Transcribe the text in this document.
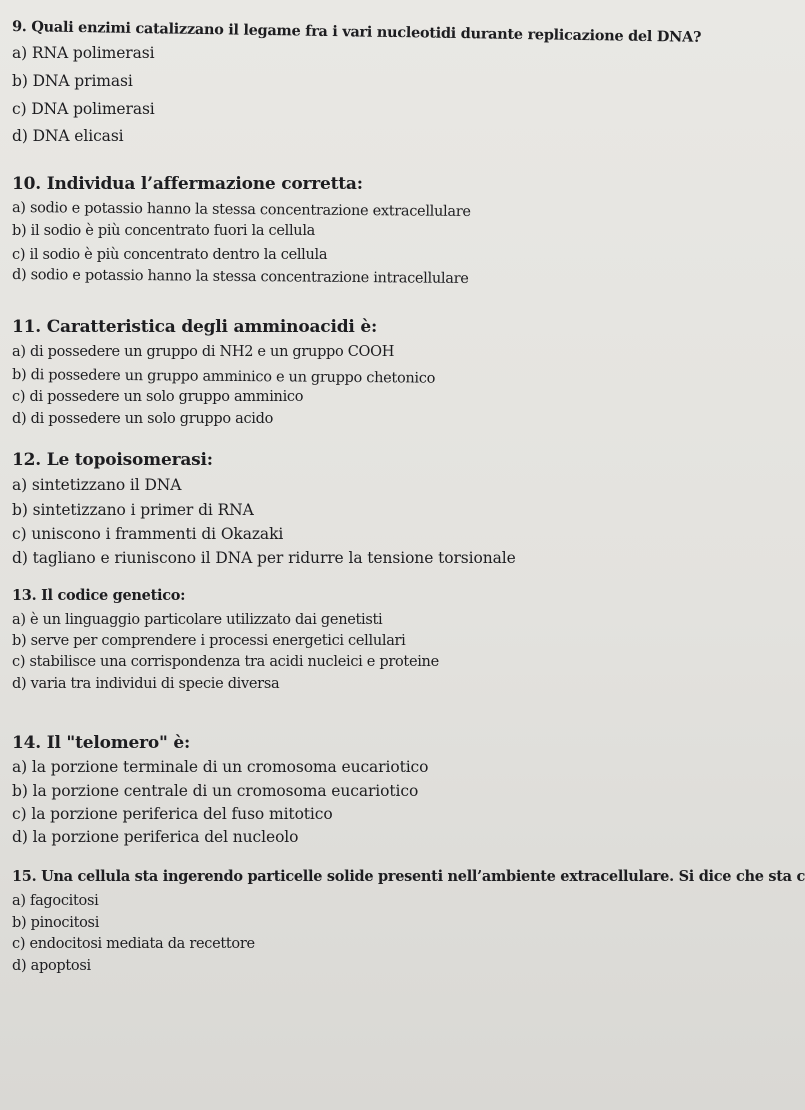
9. Quali enzimi catalizzano il legame fra i vari nucleotidi durante replicazione del DNA?
a) RNA polimerasi
b) DNA primasi
c) DNA polimerasi
d) DNA elicasi
10. Individua l’affermazione corretta:
a) sodio e potassio hanno la stessa concentrazione extracellulare
b) il sodio è più concentrato fuori la cellula
c) il sodio è più concentrato dentro la cellula
d) sodio e potassio hanno la stessa concentrazione intracellulare
11. Caratteristica degli amminoacidi è:
a) di possedere un gruppo di NH2 e un gruppo COOH
b) di possedere un gruppo amminico e un gruppo chetonico
c) di possedere un solo gruppo amminico
d) di possedere un solo gruppo acido
12. Le topoisomerasi:
a) sintetizzano il DNA
b) sintetizzano i primer di RNA
c) uniscono i frammenti di Okazaki
d) tagliano e riuniscono il DNA per ridurre la tensione torsionale
13. Il codice genetico:
a) è un linguaggio particolare utilizzato dai genetisti
b) serve per comprendere i processi energetici cellulari
c) stabilisce una corrispondenza tra acidi nucleici e proteine
d) varia tra individui di specie diversa
14. Il "telomero" è:
a) la porzione terminale di un cromosoma eucariotico
b) la porzione centrale di un cromosoma eucariotico
c) la porzione periferica del fuso mitotico
d) la porzione periferica del nucleolo
15. Una cellula sta ingerendo particelle solide presenti nell’ambiente extracellulare. Si dice che sta c
a) fagocitosi
b) pinocitosi
c) endocitosi mediata da recettore
d) apoptosi
